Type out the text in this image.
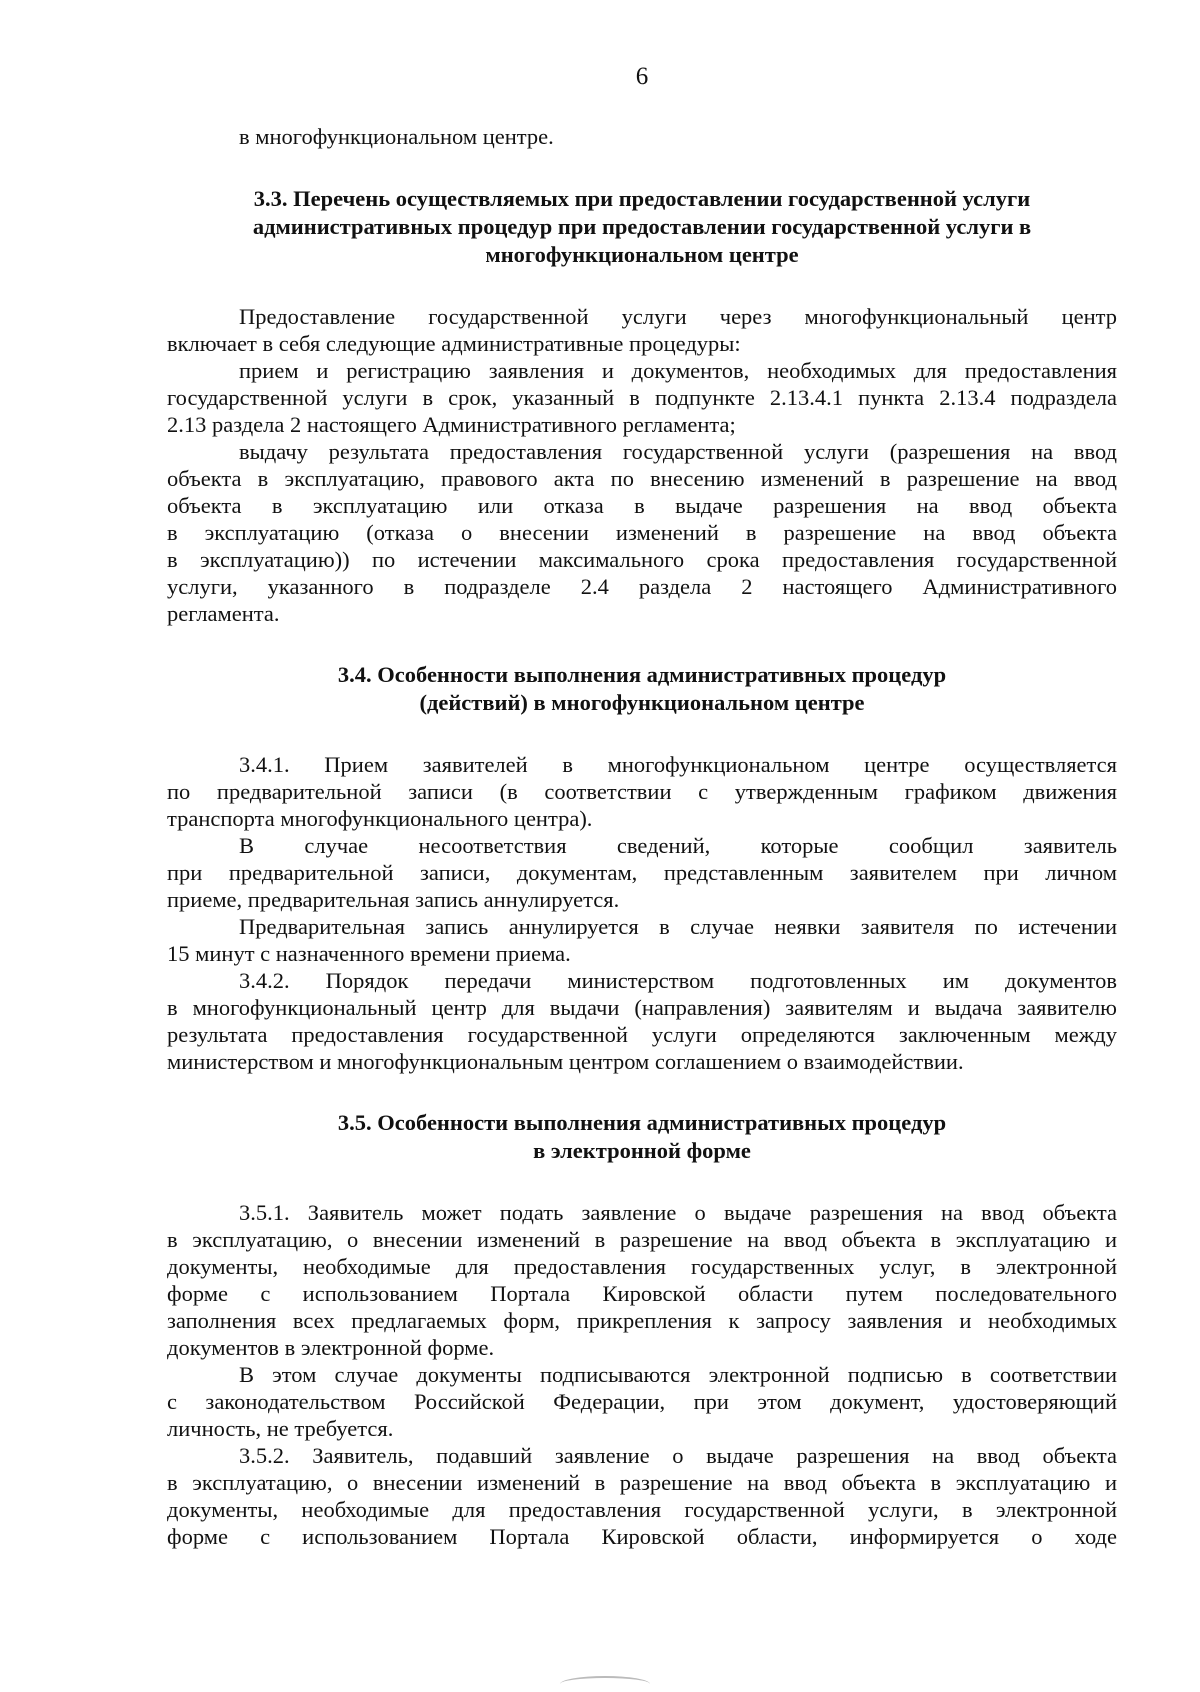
6

в многофункциональном центре.

3.3. Перечень осуществляемых при предоставлении государственной услуги
административных процедур при предоставлении государственной услуги в
многофункциональном центре

Предоставление государственной услуги через многофункциональный центр
включает в себя следующие административные процедуры:

прием и регистрацию заявления и документов, необходимых для предоставления
государственной услуги в срок, указанный в подпункте 2.13.4.1 пункта 2.13.4 подраздела
2.13 раздела 2 настоящего Административного регламента;

выдачу результата предоставления государственной услуги (разрешения на ввод
объекта в эксплуатацию, правового акта по внесению изменений в разрешение на ввод
объекта в эксплуатацию или отказа в выдаче разрешения на ввод объекта
в эксплуатацию (отказа о внесении изменений в разрешение на ввод объекта
в эксплуатацию)) по истечении максимального срока предоставления государственной
услуги, указанного в подразделе 2.4 раздела 2 настоящего Административного
регламента.

3.4. Особенности выполнения административных процедур
(действий) в многофункциональном центре

3.4.1. Прием заявителей в многофункциональном центре осуществляется
по предварительной записи (в соответствии с утвержденным графиком движения
транспорта многофункционального центра).

В случае несоответствия сведений, которые сообщил заявитель
при предварительной записи, документам, представленным заявителем при личном
приеме, предварительная запись аннулируется.

Предварительная запись аннулируется в случае неявки заявителя по истечении
15 минут с назначенного времени приема.

3.4.2. Порядок передачи министерством подготовленных им документов
в многофункциональный центр для выдачи (направления) заявителям и выдача заявителю
результата предоставления государственной услуги определяются заключенным между
министерством и многофункциональным центром соглашением о взаимодействии.

3.5. Особенности выполнения административных процедур
в электронной форме

3.5.1. Заявитель может подать заявление о выдаче разрешения на ввод объекта
в эксплуатацию, о внесении изменений в разрешение на ввод объекта в эксплуатацию и
документы, необходимые для предоставления государственных услуг, в электронной
форме с использованием Портала Кировской области путем последовательного
заполнения всех предлагаемых форм, прикрепления к запросу заявления и необходимых
документов в электронной форме.

В этом случае документы подписываются электронной подписью в соответствии
с законодательством Российской Федерации, при этом документ, удостоверяющий
личность, не требуется.

3.5.2. Заявитель, подавший заявление о выдаче разрешения на ввод объекта
в эксплуатацию, о внесении изменений в разрешение на ввод объекта в эксплуатацию и
документы, необходимые для предоставления государственной услуги, в электронной
форме с использованием Портала Кировской области, информируется о ходе
